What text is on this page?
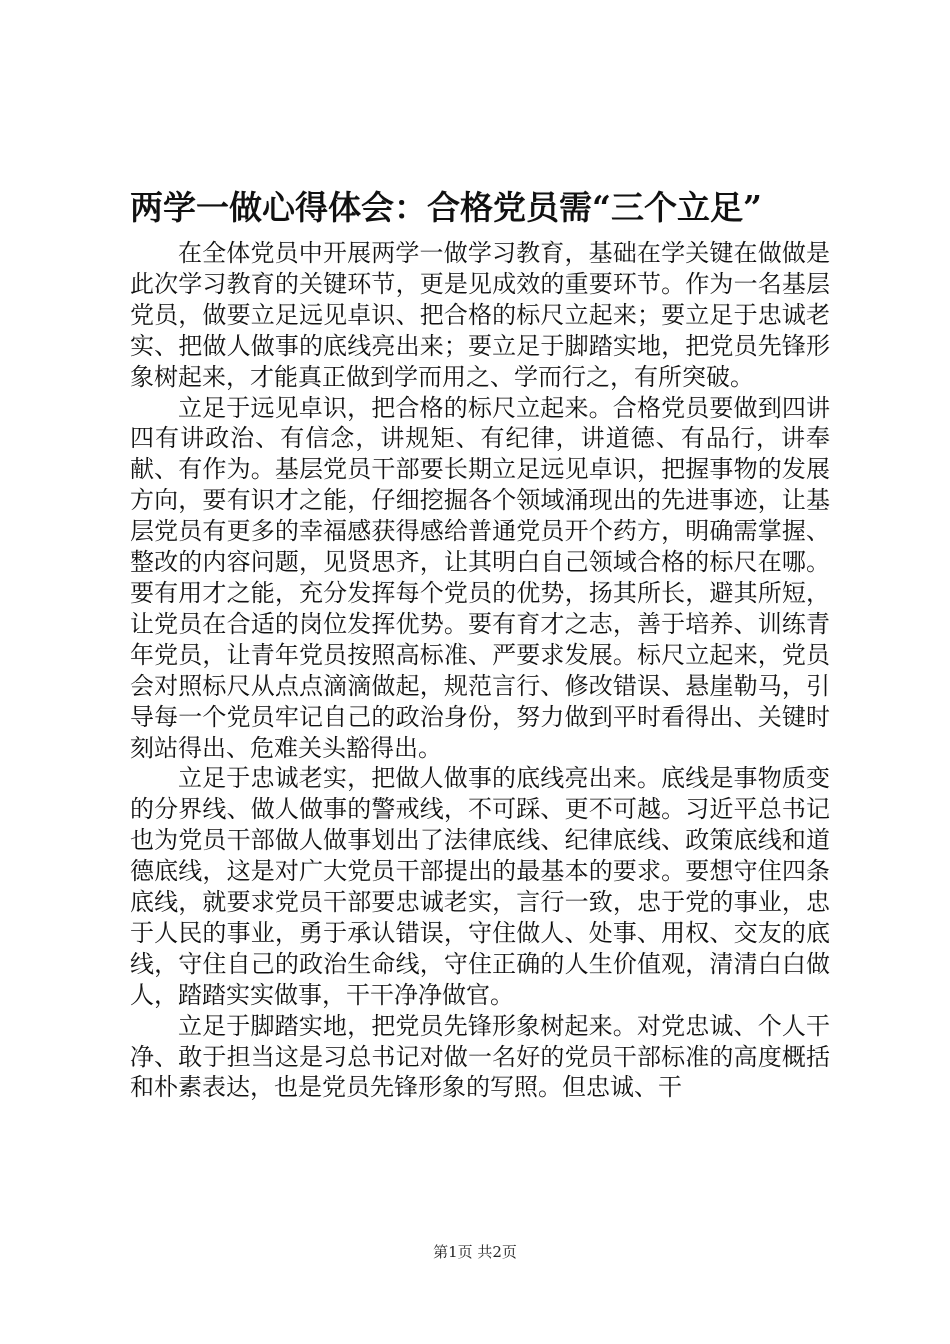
两学一做心得体会：合格党员需“三个立足”

在全体党员中开展两学一做学习教育，基础在学关键在做做是此次学习教育的关键环节，更是见成效的重要环节。作为一名基层党员，做要立足远见卓识、把合格的标尺立起来；要立足于忠诚老实、把做人做事的底线亮出来；要立足于脚踏实地，把党员先锋形象树起来，才能真正做到学而用之、学而行之，有所突破。

立足于远见卓识，把合格的标尺立起来。合格党员要做到四讲四有讲政治、有信念，讲规矩、有纪律，讲道德、有品行，讲奉献、有作为。基层党员干部要长期立足远见卓识，把握事物的发展方向，要有识才之能，仔细挖掘各个领域涌现出的先进事迹，让基层党员有更多的幸福感获得感给普通党员开个药方，明确需掌握、整改的内容问题，见贤思齐，让其明白自己领域合格的标尺在哪。要有用才之能，充分发挥每个党员的优势，扬其所长，避其所短，让党员在合适的岗位发挥优势。要有育才之志，善于培养、训练青年党员，让青年党员按照高标准、严要求发展。标尺立起来，党员会对照标尺从点点滴滴做起，规范言行、修改错误、悬崖勒马，引导每一个党员牢记自己的政治身份，努力做到平时看得出、关键时刻站得出、危难关头豁得出。

立足于忠诚老实，把做人做事的底线亮出来。底线是事物质变的分界线、做人做事的警戒线，不可踩、更不可越。习近平总书记也为党员干部做人做事划出了法律底线、纪律底线、政策底线和道德底线，这是对广大党员干部提出的最基本的要求。要想守住四条底线，就要求党员干部要忠诚老实，言行一致，忠于党的事业，忠于人民的事业，勇于承认错误，守住做人、处事、用权、交友的底线，守住自己的政治生命线，守住正确的人生价值观，清清白白做人，踏踏实实做事，干干净净做官。

立足于脚踏实地，把党员先锋形象树起来。对党忠诚、个人干净、敢于担当这是习总书记对做一名好的党员干部标准的高度概括和朴素表达，也是党员先锋形象的写照。但忠诚、干

第1页 共2页
